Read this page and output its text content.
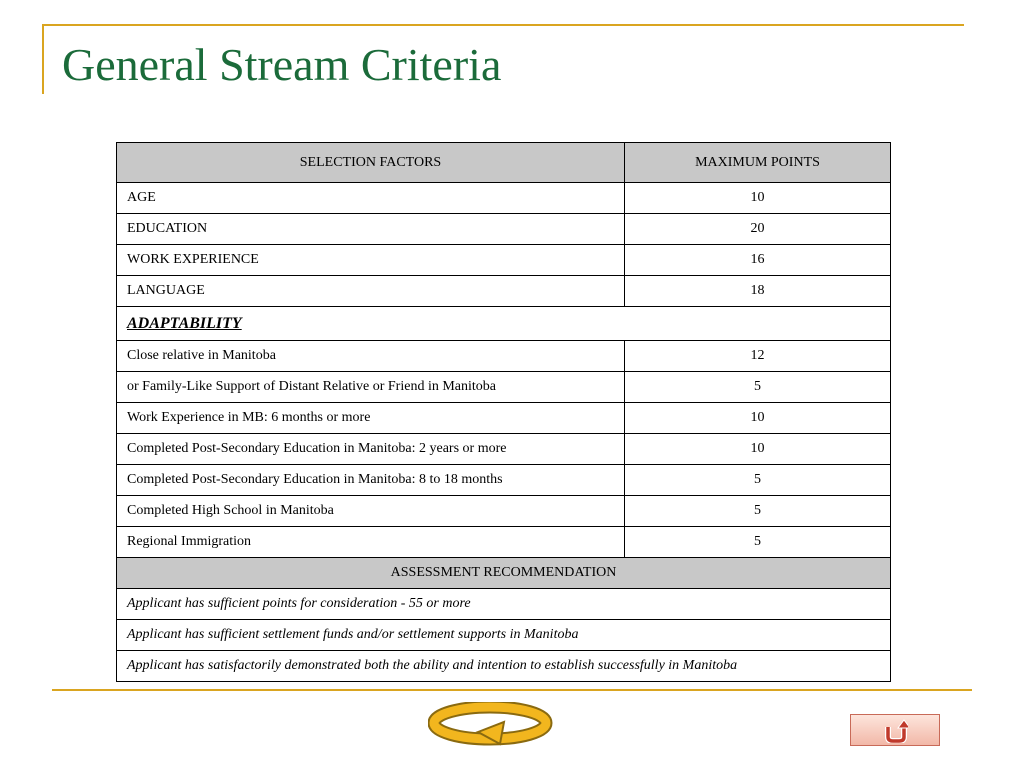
General Stream Criteria
SELECTION FACTORS	MAXIMUM POINTS
AGE	10
EDUCATION	20
WORK EXPERIENCE	16
LANGUAGE	18
ADAPTABILITY	
Close relative in Manitoba	12
or Family-Like Support of Distant Relative or Friend in Manitoba	5
Work Experience in MB: 6 months or more	10
Completed Post-Secondary Education in Manitoba: 2 years or more	10
Completed Post-Secondary Education in Manitoba: 8 to 18 months	5
Completed High School in Manitoba	5
Regional Immigration	5
ASSESSMENT RECOMMENDATION	
Applicant has sufficient points for consideration - 55 or more	
Applicant has sufficient settlement funds and/or settlement supports in Manitoba	
Applicant has satisfactorily demonstrated both the ability and intention to establish successfully in Manitoba	
